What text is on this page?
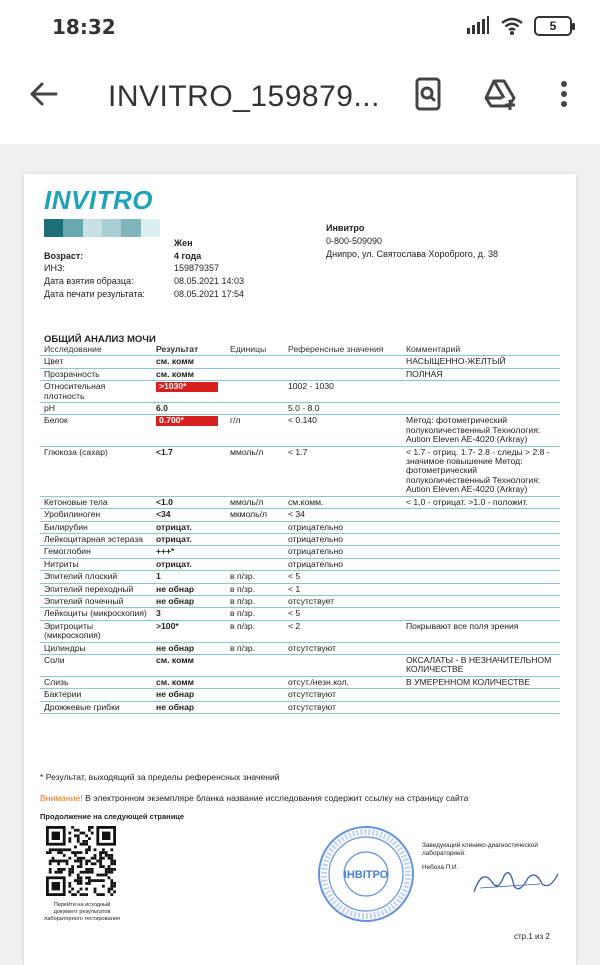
18:32	5
INVITRO_159879...
INVITRO
Жен
Возраст:	4 года
ИНЗ:	159879357
Дата взятия образца:	08.05.2021 14:03
Дата печати результата:	08.05.2021 17:54
Инвитро
0-800-509090
Днипро, ул. Святослава Хороброго, д. 38
ОБЩИЙ АНАЛИЗ МОЧИ
Исследование	Результат	Единицы	Референсные значения	Комментарий
Цвет	см. комм			НАСЫЩЕННО-ЖЕЛТЫЙ
Прозрачность	см. комм			ПОЛНАЯ
Относительная плотность	>1030*		1002 - 1030	
pH	6.0		5.0 - 8.0	
Белок	0.700*	г/л	< 0.140	Метод: фотометрический полуколичественный Технология: Aution Eleven AE-4020 (Arkray)
Глюкоза (сахар)	<1.7	ммоль/л	< 1.7	< 1.7 - отриц. 1.7- 2.8 - следы > 2.8 - значимое повышение Метод: фотометрический полуколичественный Технология: Aution Eleven AE-4020 (Arkray)
Кетоновые тела	<1.0	ммоль/л	см.комм.	< 1,0 - отрицат. >1.0 - положит.
Уробилиноген	<34	мкмоль/л	< 34	
Билирубин	отрицат.		отрицательно	
Лейкоцитарная эстераза	отрицат.		отрицательно	
Гемоглобин	+++*		отрицательно	
Нитриты	отрицат.		отрицательно	
Эпителий плоский	1	в п/зр.	< 5	
Эпителий переходный	не обнар	в п/зр.	< 1	
Эпителий почечный	не обнар	в п/зр.	отсутствует	
Лейкоциты (микроскопия)	3	в п/зр.	< 5	
Эритроциты (микроскопия)	>100*	в п/зр.	< 2	Покрывают все поля зрения
Цилиндры	не обнар	в п/зр.	отсутствуют	
Соли	см. комм			ОКСАЛАТЫ - В НЕЗНАЧИТЕЛЬНОМ КОЛИЧЕСТВЕ
Слизь	см. комм		отсут./незн.кол.	В УМЕРЕННОМ КОЛИЧЕСТВЕ
Бактерии	не обнар		отсутствуют	
Дрожжевые грибки	не обнар		отсутствуют	
* Результат, выходящий за пределы референсных значений
Внимание! В электронном экземпляре бланка название исследования содержит ссылку на страницу сайта
Продолжение на следующей странице
Перейти на исходный документ результатов лабораторного тестирования
ІНВІТРО
Заведующий клинико-диагностической лабораторией:
Небоха П.И.
стр.1 из 2
